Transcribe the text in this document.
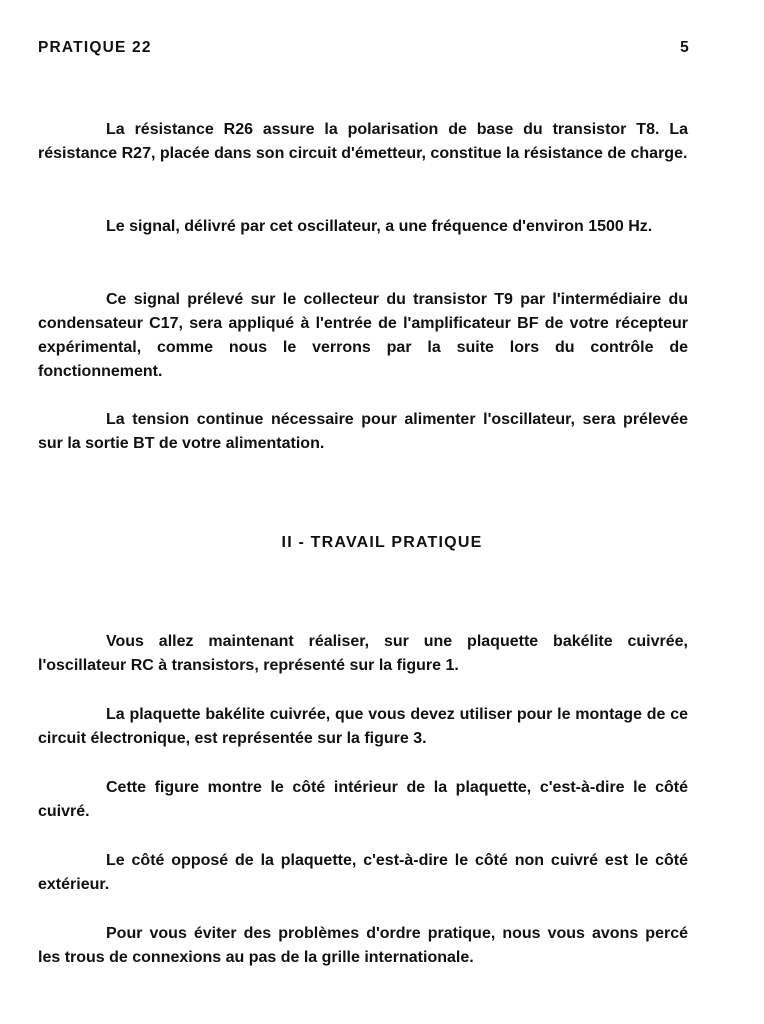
PRATIQUE 22	5

La résistance R26 assure la polarisation de base du transistor T8. La résistance R27, placée dans son circuit d'émetteur, constitue la résistance de charge.

Le signal, délivré par cet oscillateur, a une fréquence d'environ 1500 Hz.

Ce signal prélevé sur le collecteur du transistor T9 par l'intermédiaire du condensateur C17, sera appliqué à l'entrée de l'amplificateur BF de votre récepteur expérimental, comme nous le verrons par la suite lors du contrôle de fonctionnement.

La tension continue nécessaire pour alimenter l'oscillateur, sera prélevée sur la sortie BT de votre alimentation.

II - TRAVAIL PRATIQUE

Vous allez maintenant réaliser, sur une plaquette bakélite cuivrée, l'oscillateur RC à transistors, représenté sur la figure 1.

La plaquette bakélite cuivrée, que vous devez utiliser pour le montage de ce circuit électronique, est représentée sur la figure 3.

Cette figure montre le côté intérieur de la plaquette, c'est-à-dire le côté cuivré.

Le côté opposé de la plaquette, c'est-à-dire le côté non cuivré est le côté extérieur.

Pour vous éviter des problèmes d'ordre pratique, nous vous avons percé les trous de connexions au pas de la grille internationale.
